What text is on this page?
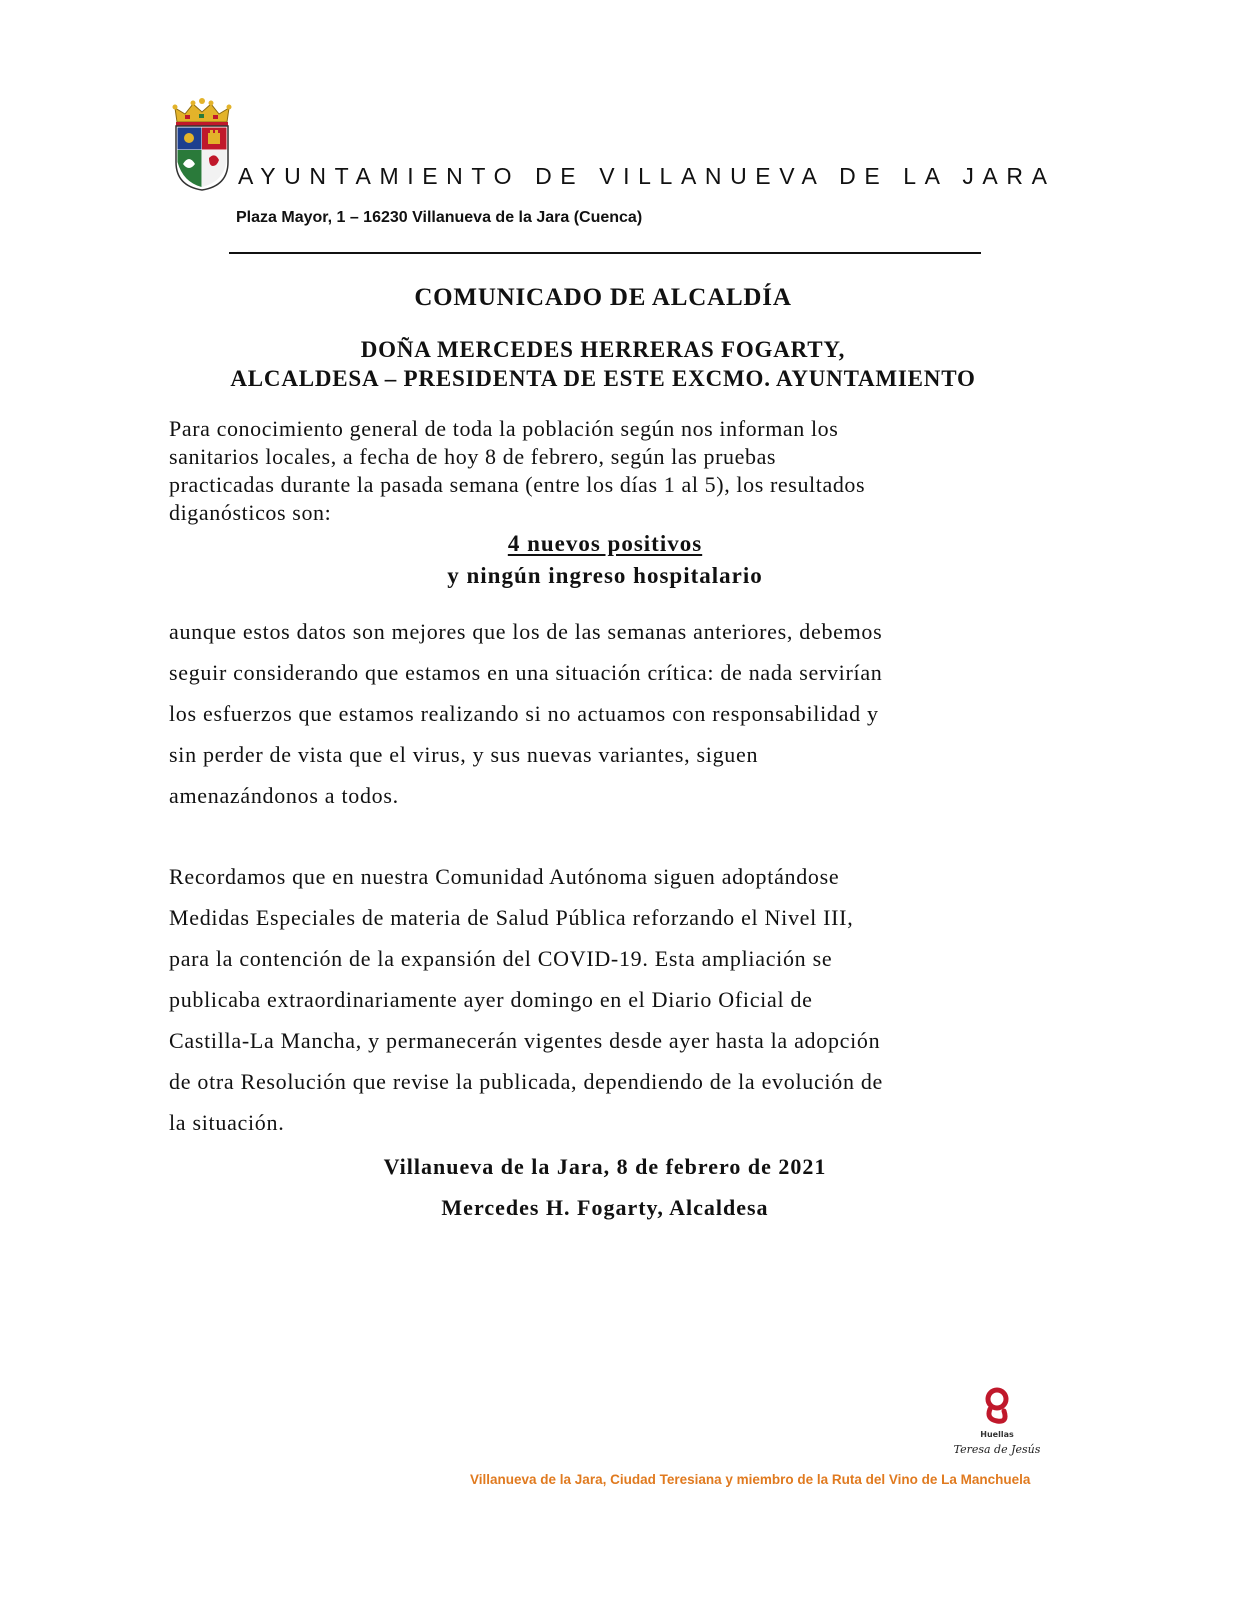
AYUNTAMIENTO DE VILLANUEVA DE LA JARA
Plaza Mayor, 1 – 16230 Villanueva de la Jara (Cuenca)
COMUNICADO DE ALCALDÍA
DOÑA MERCEDES HERRERAS FOGARTY,
ALCALDESA – PRESIDENTA DE ESTE EXCMO. AYUNTAMIENTO
Para conocimiento general de toda la población según nos informan los
sanitarios locales, a fecha de hoy 8 de febrero, según las pruebas
practicadas durante la pasada semana (entre los días 1 al 5), los resultados
diganósticos son:
4 nuevos positivos
y ningún ingreso hospitalario
aunque estos datos son mejores que los de las semanas anteriores, debemos
seguir considerando que estamos en una situación crítica: de nada servirían
los esfuerzos que estamos realizando si no actuamos con responsabilidad y
sin perder de vista que el virus, y sus nuevas variantes, siguen
amenazándonos a todos.
Recordamos que en nuestra Comunidad Autónoma siguen adoptándose
Medidas Especiales de materia de Salud Pública reforzando el Nivel III,
para la contención de la expansión del COVID-19. Esta ampliación se
publicaba extraordinariamente ayer domingo en el Diario Oficial de
Castilla-La Mancha, y permanecerán vigentes desde ayer hasta la adopción
de otra Resolución que revise la publicada, dependiendo de la evolución de
la situación.
Villanueva de la Jara, 8 de febrero de 2021
Mercedes H. Fogarty, Alcaldesa
Huellas
Teresa de Jesús
Villanueva de la Jara, Ciudad Teresiana y miembro de la Ruta del Vino de La Manchuela
